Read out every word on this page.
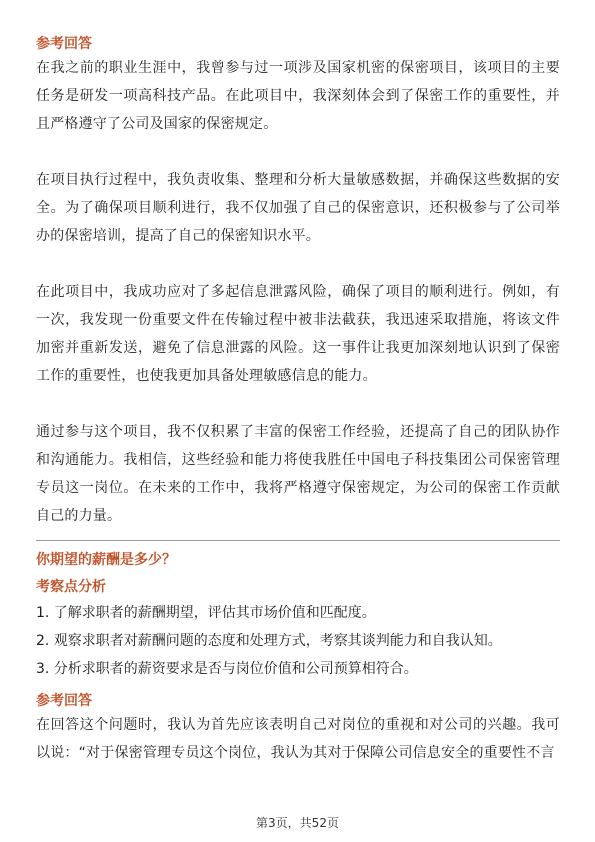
参考回答

在我之前的职业生涯中，我曾参与过一项涉及国家机密的保密项目，该项目的主要任务是研发一项高科技产品。在此项目中，我深刻体会到了保密工作的重要性，并且严格遵守了公司及国家的保密规定。

在项目执行过程中，我负责收集、整理和分析大量敏感数据，并确保这些数据的安全。为了确保项目顺利进行，我不仅加强了自己的保密意识，还积极参与了公司举办的保密培训，提高了自己的保密知识水平。

在此项目中，我成功应对了多起信息泄露风险，确保了项目的顺利进行。例如，有一次，我发现一份重要文件在传输过程中被非法截获，我迅速采取措施，将该文件加密并重新发送，避免了信息泄露的风险。这一事件让我更加深刻地认识到了保密工作的重要性，也使我更加具备处理敏感信息的能力。

通过参与这个项目，我不仅积累了丰富的保密工作经验，还提高了自己的团队协作和沟通能力。我相信，这些经验和能力将使我胜任中国电子科技集团公司保密管理专员这一岗位。在未来的工作中，我将严格遵守保密规定，为公司的保密工作贡献自己的力量。

你期望的薪酬是多少？

考察点分析

1. 了解求职者的薪酬期望，评估其市场价值和匹配度。

2. 观察求职者对薪酬问题的态度和处理方式，考察其谈判能力和自我认知。

3. 分析求职者的薪资要求是否与岗位价值和公司预算相符合。

参考回答

在回答这个问题时，我认为首先应该表明自己对岗位的重视和对公司的兴趣。我可以说：“对于保密管理专员这个岗位，我认为其对于保障公司信息安全的重要性不言

第3页，共52页
